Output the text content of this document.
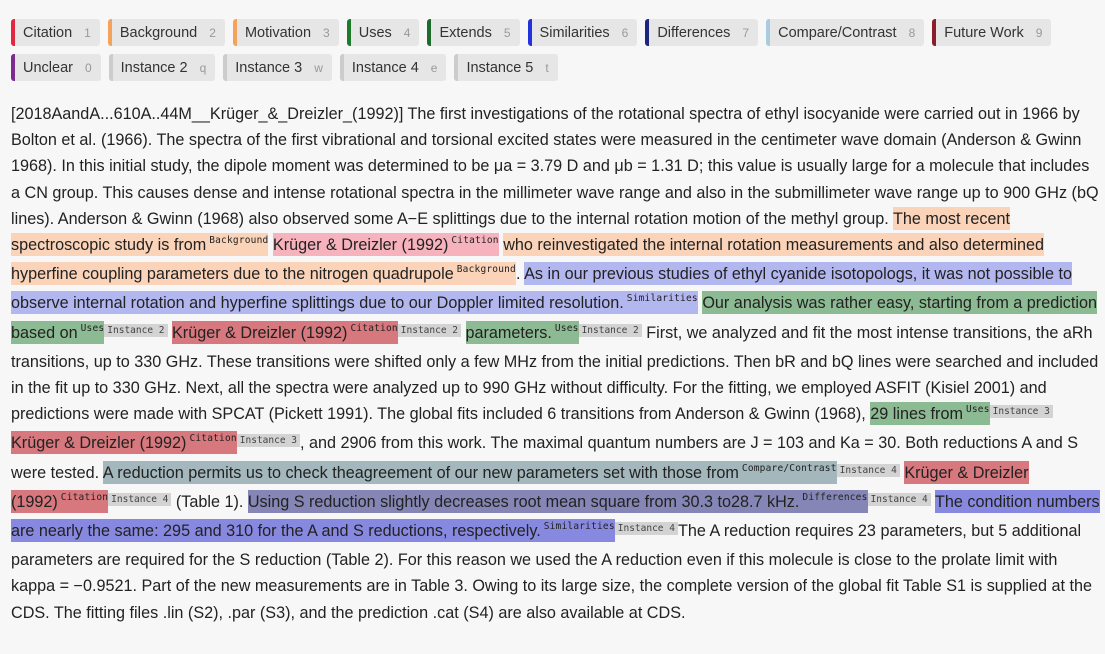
Citation 1 Background 2 Motivation 3 Uses 4 Extends 5 Similarities 6 Differences 7 Compare/Contrast 8 Future Work 9
Unclear 0 Instance 2 q Instance 3 w Instance 4 e Instance 5 t

[2018AandA...610A..44M__Krüger_&_Dreizler_(1992)] The first investigations of the rotational spectra of ethyl isocyanide were carried out in 1966 by Bolton et al. (1966). The spectra of the first vibrational and torsional excited states were measured in the centimeter wave domain (Anderson & Gwinn 1968). In this initial study, the dipole moment was determined to be μa = 3.79 D and μb = 1.31 D; this value is usually large for a molecule that includes a CN group. This causes dense and intense rotational spectra in the millimeter wave range and also in the submillimeter wave range up to 900 GHz (bQ lines). Anderson & Gwinn (1968) also observed some A−E splittings due to the internal rotation motion of the methyl group. The most recent spectroscopic study is from $^{Background}$ Krüger & Dreizler (1992) $^{Citation}$ who reinvestigated the internal rotation measurements and also determined hyperfine coupling parameters due to the nitrogen quadrupole $^{Background}$. As in our previous studies of ethyl cyanide isotopologs, it was not possible to observe internal rotation and hyperfine splittings due to our Doppler limited resolution. $^{Similarities}$ Our analysis was rather easy, starting from a prediction based on $^{Uses}$ $^{Instance 2}$ Krüger & Dreizler (1992) $^{Citation}$ $^{Instance 2}$ parameters. $^{Uses}$ $^{Instance 2}$ First, we analyzed and fit the most intense transitions, the aRh transitions, up to 330 GHz. These transitions were shifted only a few MHz from the initial predictions. Then bR and bQ lines were searched and included in the fit up to 330 GHz. Next, all the spectra were analyzed up to 990 GHz without difficulty. For the fitting, we employed ASFIT (Kisiel 2001) and predictions were made with SPCAT (Pickett 1991). The global fits included 6 transitions from Anderson & Gwinn (1968), 29 lines from $^{Uses}$ $^{Instance 3}$ Krüger & Dreizler (1992) $^{Citation}$ $^{Instance 3}$ , and 2906 from this work. The maximal quantum numbers are J = 103 and Ka = 30. Both reductions A and S were tested. A reduction permits us to check theagreement of our new parameters set with those from $^{Compare/Contrast}$ $^{Instance 4}$ Krüger & Dreizler (1992) $^{Citation}$ $^{Instance 4}$ (Table 1). Using S reduction slightly decreases root mean square from 30.3 to28.7 kHz. $^{Differences}$ $^{Instance 4}$ The condition numbers are nearly the same: 295 and 310 for the A and S reductions, respectively. $^{Similarities}$ $^{Instance 4}$ The A reduction requires 23 parameters, but 5 additional parameters are required for the S reduction (Table 2). For this reason we used the A reduction even if this molecule is close to the prolate limit with kappa = −0.9521. Part of the new measurements are in Table 3. Owing to its large size, the complete version of the global fit Table S1 is supplied at the CDS. The fitting files .lin (S2), .par (S3), and the prediction .cat (S4) are also available at CDS.
